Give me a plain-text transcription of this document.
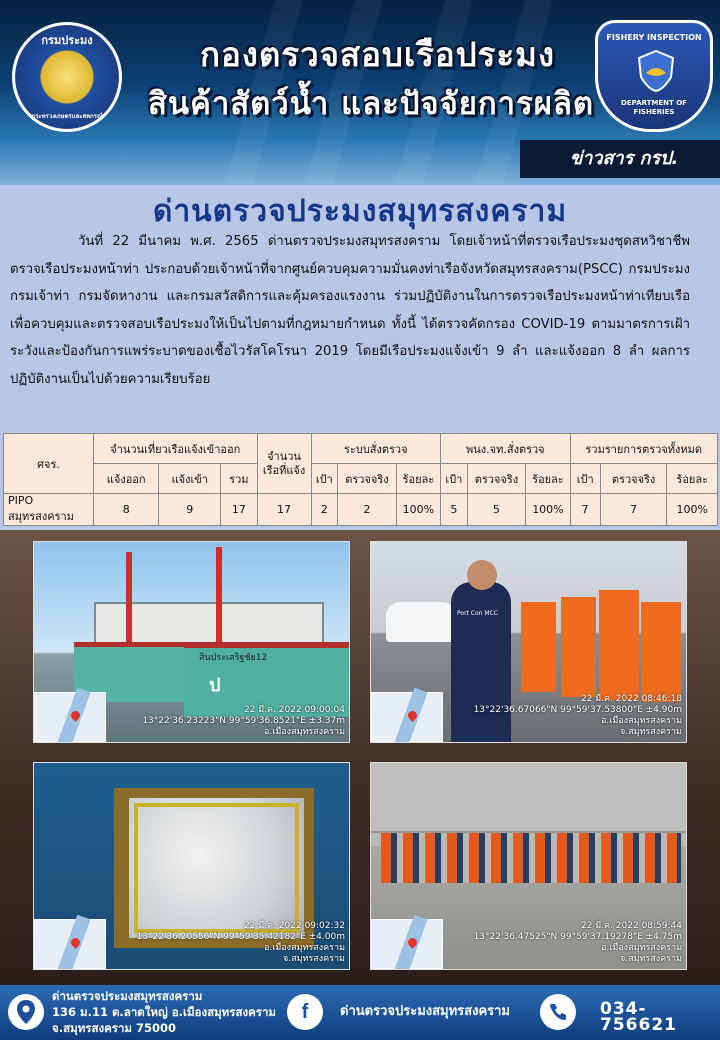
กรมประมง
กระทรวงเกษตรและสหกรณ์
กองตรวจสอบเรือประมง
สินค้าสัตว์น้ำ และปัจจัยการผลิต
FISHERY INSPECTION
DEPARTMENT OF FISHERIES
ข่าวสาร กรป.
ด่านตรวจประมงสมุทรสงคราม

วันที่ 22 มีนาคม พ.ศ. 2565 ด่านตรวจประมงสมุทรสงคราม โดยเจ้าหน้าที่ตรวจเรือประมงชุดสหวิชาชีพ ตรวจเรือประมงหน้าท่า ประกอบด้วยเจ้าหน้าที่จากศูนย์ควบคุมความมั่นคงท่าเรือจังหวัดสมุทรสงคราม(PSCC) กรมประมง กรมเจ้าท่า กรมจัดหางาน และกรมสวัสดิการและคุ้มครองแรงงาน ร่วมปฏิบัติงานในการตรวจเรือประมงหน้าท่าเทียบเรือ เพื่อควบคุมและตรวจสอบเรือประมงให้เป็นไปตามที่กฎหมายกำหนด ทั้งนี้ ได้ตรวจคัดกรอง COVID-19 ตามมาตรการเฝ้าระวังและป้องกันการแพร่ระบาดของเชื้อไวรัสโคโรนา 2019 โดยมีเรือประมงแจ้งเข้า 9 ลำ และแจ้งออก 8 ลำ ผลการปฏิบัติงานเป็นไปด้วยความเรียบร้อย

ศจร.	จำนวนเที่ยวเรือแจ้งเข้าออก			จำนวนเรือที่แจ้ง	ระบบสั่งตรวจ			พนง.จท.สั่งตรวจ			รวมรายการตรวจทั้งหมด		
	แจ้งออก	แจ้งเข้า	รวม		เป้า	ตรวจจริง	ร้อยละ	เป้า	ตรวจจริง	ร้อยละ	เป้า	ตรวจจริง	ร้อยละ
PIPO สมุทรสงคราม	8	9	17	17	2	2	100%	5	5	100%	7	7	100%
สินประเสริฐชัย12
ป
22 มี.ค. 2022 09:00:04
13°22'36.23223"N 99°59'36.8521"E ±3.37m
อ.เมืองสมุทรสงคราม
Port Con MCC
22 มี.ค. 2022 08:46:18
13°22'36.67066"N 99°59'37.53800"E ±4.90m
อ.เมืองสมุทรสงคราม
จ.สมุทรสงคราม
22 มี.ค. 2022 09:02:32
13°22'36.20556"N 99°59'35.42182"E ±4.00m
อ.เมืองสมุทรสงคราม
จ.สมุทรสงคราม
22 มี.ค. 2022 08:59:44
13°22'36.47525"N 99°59'37.19278"E ±4.75m
อ.เมืองสมุทรสงคราม
จ.สมุทรสงคราม
ด่านตรวจประมงสมุทรสงคราม
136 ม.11 ต.ลาดใหญ่ อ.เมืองสมุทรสงคราม
จ.สมุทรสงคราม 75000
f	ด่านตรวจประมงสมุทรสงคราม	034-756621
